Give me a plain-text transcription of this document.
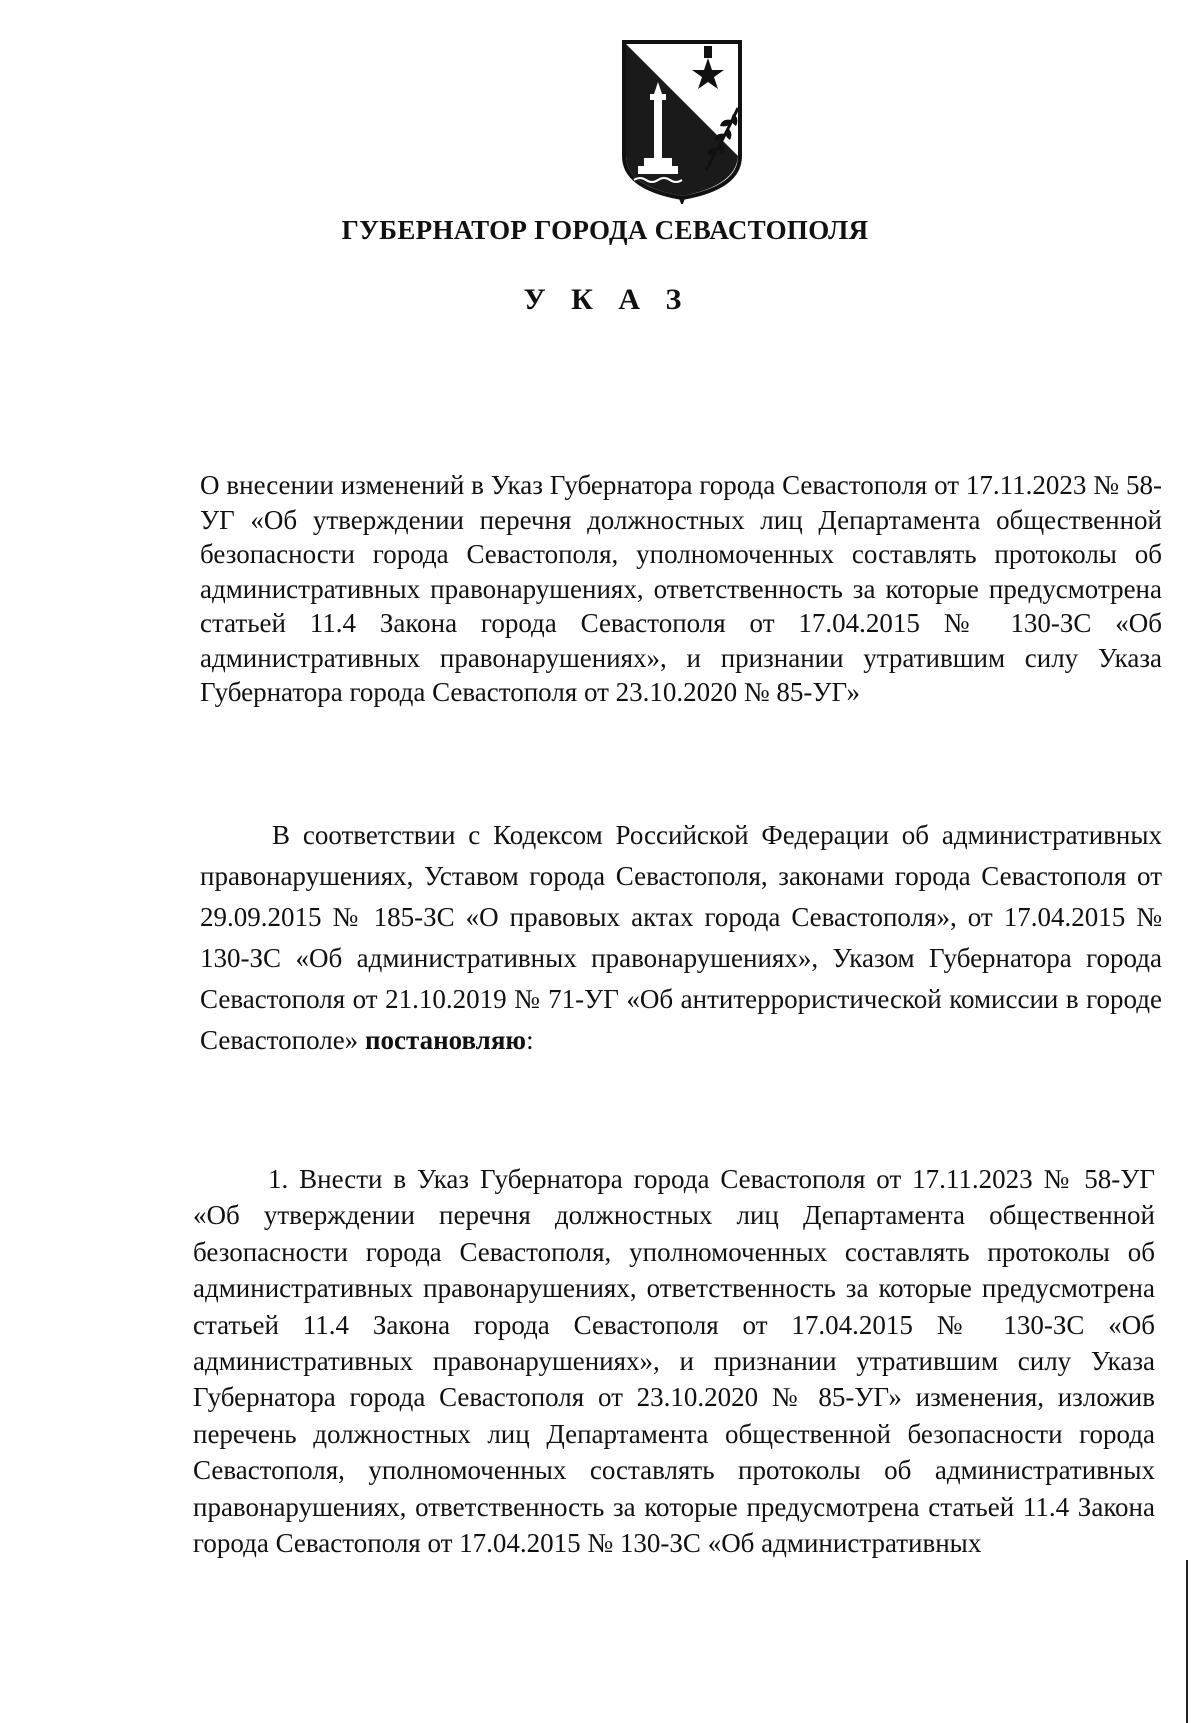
ГУБЕРНАТОР ГОРОДА СЕВАСТОПОЛЯ

У К А З
О внесении изменений в Указ Губернатора города Севастополя от 17.11.2023 № 58-УГ «Об утверждении перечня должностных лиц Департамента общественной безопасности города Севастополя, уполномоченных составлять протоколы об административных правонарушениях, ответственность за которые предусмотрена статьей 11.4 Закона города Севастополя от 17.04.2015 № 130-ЗС «Об административных правонарушениях», и признании утратившим силу Указа Губернатора города Севастополя от 23.10.2020 № 85-УГ»
В соответствии с Кодексом Российской Федерации об административных правонарушениях, Уставом города Севастополя, законами города Севастополя от 29.09.2015 № 185-ЗС «О правовых актах города Севастополя», от 17.04.2015 № 130-ЗС «Об административных правонарушениях», Указом Губернатора города Севастополя от 21.10.2019 № 71-УГ «Об антитеррористической комиссии в городе Севастополе» постановляю:
1. Внести в Указ Губернатора города Севастополя от 17.11.2023 № 58-УГ «Об утверждении перечня должностных лиц Департамента общественной безопасности города Севастополя, уполномоченных составлять протоколы об административных правонарушениях, ответственность за которые предусмотрена статьей 11.4 Закона города Севастополя от 17.04.2015 № 130-ЗС «Об административных правонарушениях», и признании утратившим силу Указа Губернатора города Севастополя от 23.10.2020 № 85-УГ» изменения, изложив перечень должностных лиц Департамента общественной безопасности города Севастополя, уполномоченных составлять протоколы об административных правонарушениях, ответственность за которые предусмотрена статьей 11.4 Закона города Севастополя от 17.04.2015 № 130-ЗС «Об административных
